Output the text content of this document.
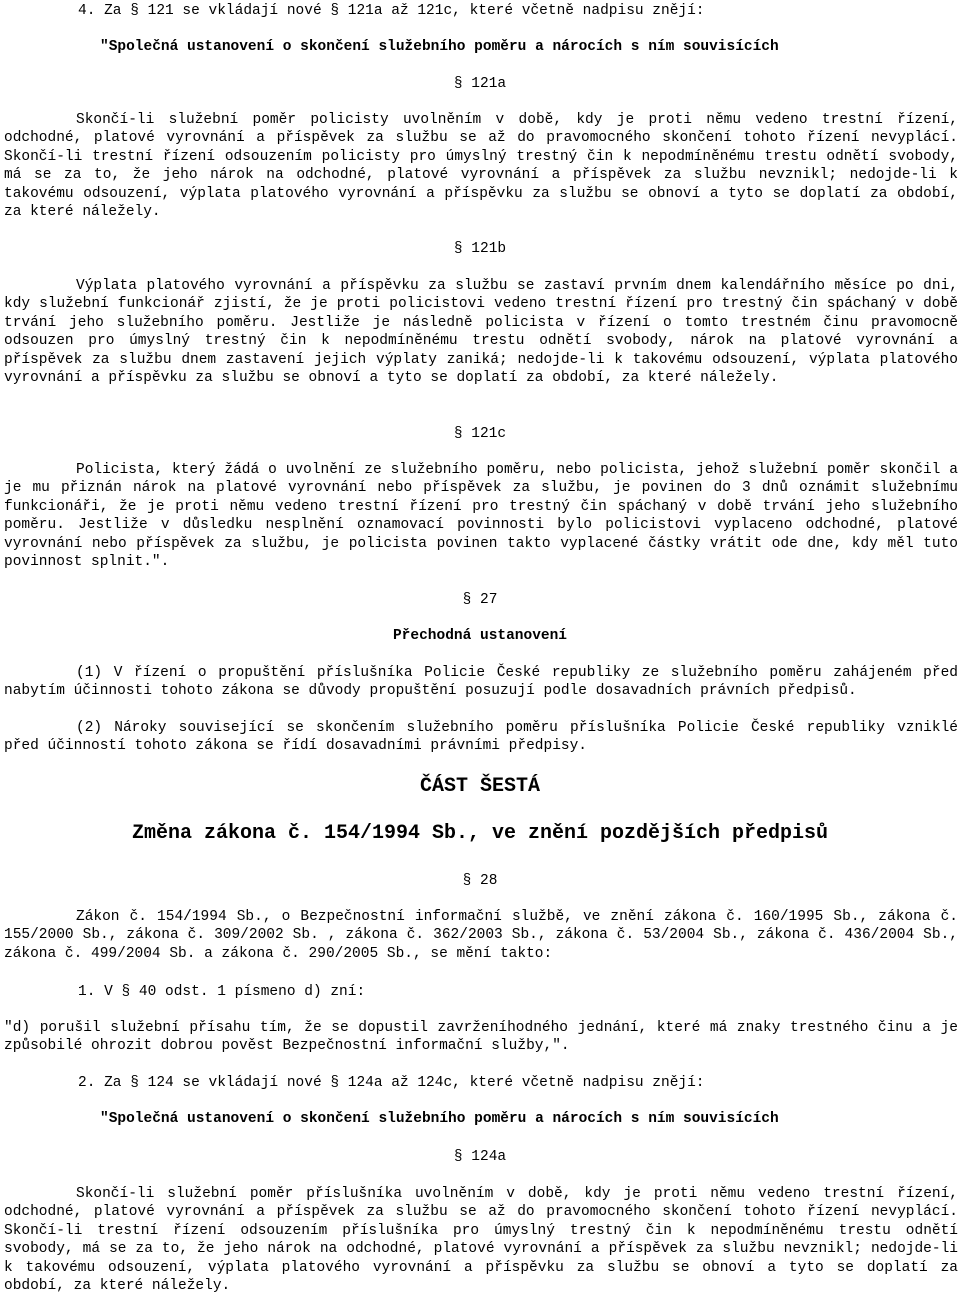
4. Za § 121 se vkládají nové § 121a až 121c, které včetně nadpisu znějí:
"Společná ustanovení o skončení služebního poměru a nárocích s ním souvisících
§ 121a
Skončí-li služební poměr policisty uvolněním v době, kdy je proti němu vedeno trestní řízení, odchodné, platové vyrovnání a příspěvek za službu se až do pravomocného skončení tohoto řízení nevyplácí. Skončí-li trestní řízení odsouzením policisty pro úmyslný trestný čin k nepodmíněnému trestu odnětí svobody, má se za to, že jeho nárok na odchodné, platové vyrovnání a příspěvek za službu nevznikl; nedojde-li k takovému odsouzení, výplata platového vyrovnání a příspěvku za službu se obnoví a tyto se doplatí za období, za které náležely.
§ 121b
Výplata platového vyrovnání a příspěvku za službu se zastaví prvním dnem kalendářního měsíce po dni, kdy služební funkcionář zjistí, že je proti policistovi vedeno trestní řízení pro trestný čin spáchaný v době trvání jeho služebního poměru. Jestliže je následně policista v řízení o tomto trestném činu pravomocně odsouzen pro úmyslný trestný čin k nepodmíněnému trestu odnětí svobody, nárok na platové vyrovnání a příspěvek za službu dnem zastavení jejich výplaty zaniká; nedojde-li k takovému odsouzení, výplata platového vyrovnání a příspěvku za službu se obnoví a tyto se doplatí za období, za které náležely.
§ 121c
Policista, který žádá o uvolnění ze služebního poměru, nebo policista, jehož služební poměr skončil a je mu přiznán nárok na platové vyrovnání nebo příspěvek za službu, je povinen do 3 dnů oznámit služebnímu funkcionáři, že je proti němu vedeno trestní řízení pro trestný čin spáchaný v době trvání jeho služebního poměru. Jestliže v důsledku nesplnění oznamovací povinnosti bylo policistovi vyplaceno odchodné, platové vyrovnání nebo příspěvek za službu, je policista povinen takto vyplacené částky vrátit ode dne, kdy měl tuto povinnost splnit.".
§ 27
Přechodná ustanovení
(1) V řízení o propuštění příslušníka Policie České republiky ze služebního poměru zahájeném před nabytím účinnosti tohoto zákona se důvody propuštění posuzují podle dosavadních právních předpisů.
(2) Nároky související se skončením služebního poměru příslušníka Policie České republiky vzniklé před účinností tohoto zákona se řídí dosavadními právními předpisy.
ČÁST ŠESTÁ
Změna zákona č. 154/1994 Sb., ve znění pozdějších předpisů
§ 28
Zákon č. 154/1994 Sb., o Bezpečnostní informační službě, ve znění zákona č. 160/1995 Sb., zákona č. 155/2000 Sb., zákona č. 309/2002 Sb. , zákona č. 362/2003 Sb., zákona č. 53/2004 Sb., zákona č. 436/2004 Sb., zákona č. 499/2004 Sb. a zákona č. 290/2005 Sb., se mění takto:
1. V § 40 odst. 1 písmeno d) zní:
"d) porušil služební přísahu tím, že se dopustil zavrženíhodného jednání, které má znaky trestného činu a je způsobilé ohrozit dobrou pověst Bezpečnostní informační služby,".
2. Za § 124 se vkládají nové § 124a až 124c, které včetně nadpisu znějí:
"Společná ustanovení o skončení služebního poměru a nárocích s ním souvisících
§ 124a
Skončí-li služební poměr příslušníka uvolněním v době, kdy je proti němu vedeno trestní řízení, odchodné, platové vyrovnání a příspěvek za službu se až do pravomocného skončení tohoto řízení nevyplácí. Skončí-li trestní řízení odsouzením příslušníka pro úmyslný trestný čin k nepodmíněnému trestu odnětí svobody, má se za to, že jeho nárok na odchodné, platové vyrovnání a příspěvek za službu nevznikl; nedojde-li k takovému odsouzení, výplata platového vyrovnání a příspěvku za službu se obnoví a tyto se doplatí za období, za které náležely.
